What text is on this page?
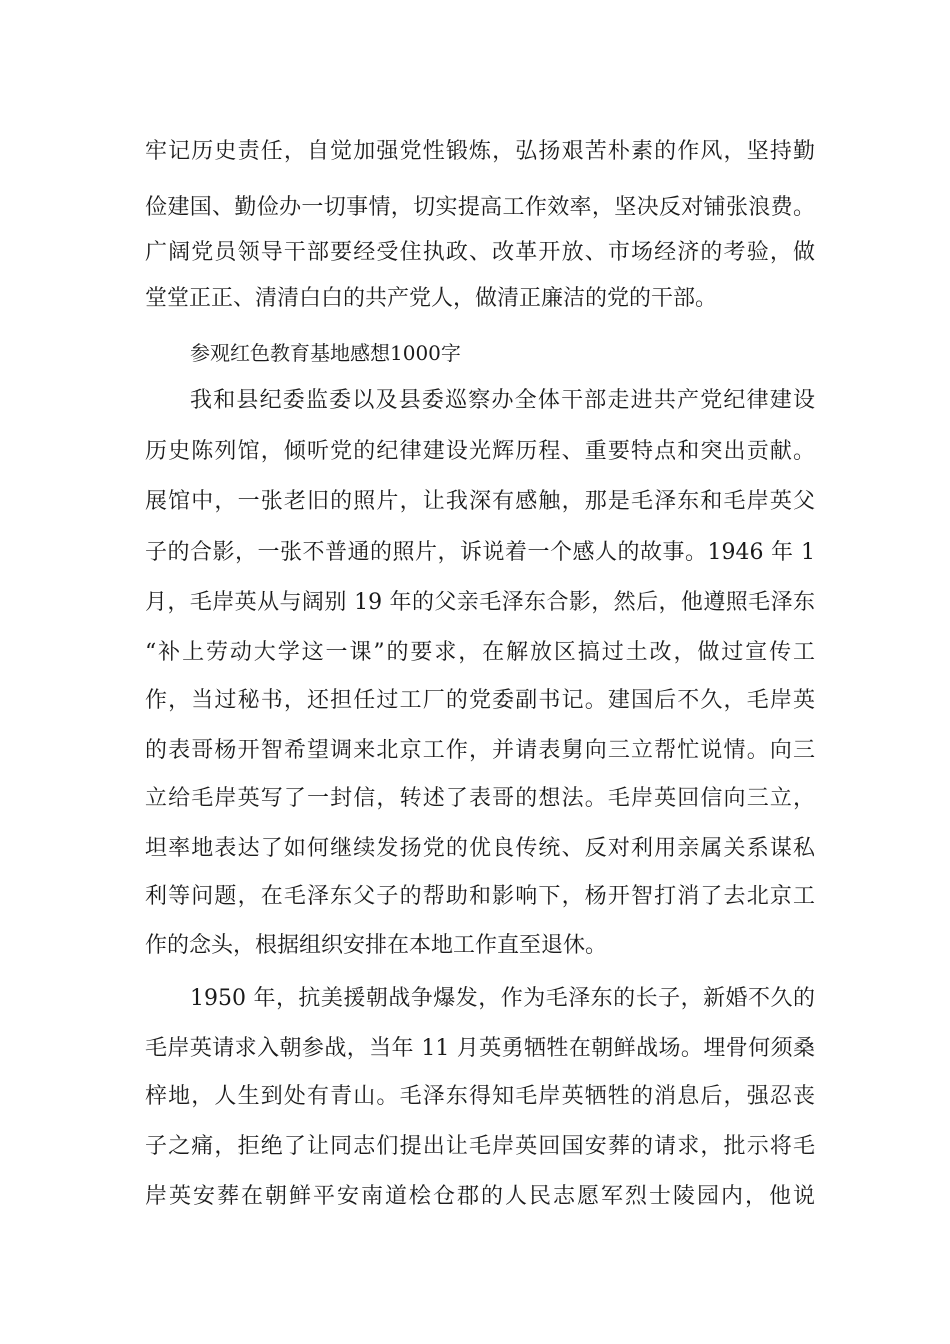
牢记历史责任，自觉加强党性锻炼，弘扬艰苦朴素的作风，坚持勤
俭建国、勤俭办一切事情，切实提高工作效率，坚决反对铺张浪费。
广阔党员领导干部要经受住执政、改革开放、市场经济的考验，做
堂堂正正、清清白白的共产党人，做清正廉洁的党的干部。
参观红色教育基地感想1000字
我和县纪委监委以及县委巡察办全体干部走进共产党纪律建设
历史陈列馆，倾听党的纪律建设光辉历程、重要特点和突出贡献。
展馆中，一张老旧的照片，让我深有感触，那是毛泽东和毛岸英父
子的合影，一张不普通的照片，诉说着一个感人的故事。1946 年 1
月，毛岸英从与阔别 19 年的父亲毛泽东合影，然后，他遵照毛泽东
“补上劳动大学这一课”的要求，在解放区搞过土改，做过宣传工
作，当过秘书，还担任过工厂的党委副书记。建国后不久，毛岸英
的表哥杨开智希望调来北京工作，并请表舅向三立帮忙说情。向三
立给毛岸英写了一封信，转述了表哥的想法。毛岸英回信向三立，
坦率地表达了如何继续发扬党的优良传统、反对利用亲属关系谋私
利等问题，在毛泽东父子的帮助和影响下，杨开智打消了去北京工
作的念头，根据组织安排在本地工作直至退休。
1950 年，抗美援朝战争爆发，作为毛泽东的长子，新婚不久的
毛岸英请求入朝参战，当年 11 月英勇牺牲在朝鲜战场。埋骨何须桑
梓地，人生到处有青山。毛泽东得知毛岸英牺牲的消息后，强忍丧
子之痛，拒绝了让同志们提出让毛岸英回国安葬的请求，批示将毛
岸英安葬在朝鲜平安南道桧仓郡的人民志愿军烈士陵园内，他说
